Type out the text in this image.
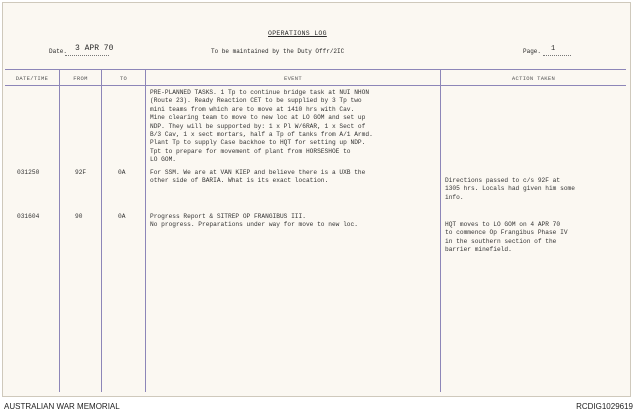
OPERATIONS LOG
To be maintained by the Duty Offr/2IC
Date. 3 APR 70	Page. 1
DATE/TIME	FROM	TO	EVENT	ACTION TAKEN
PRE-PLANNED TASKS. 1 Tp to continue bridge task at NUI NHON
(Route 23). Ready Reaction CET to be supplied by 3 Tp two
mini teams from which are to move at 1410 hrs with Cav.
Mine clearing team to move to new loc at LO GOM and set up
NDP. They will be supported by: 1 x Pl W/6RAR, 1 x Sect of
B/3 Cav, 1 x sect mortars, half a Tp of tanks from A/1 Armd.
Plant Tp to supply Case backhoe to HQT for setting up NDP.
Tpt to prepare for movement of plant from HORSESHOE to
LO GOM.
031250	92F	0A	For SSM. We are at VAN KIEP and believe there is a UXB the
other side of BARIA. What is its exact location.	Directions passed to c/s 92F at
1305 hrs. Locals had given him some
info.
031604	90	0A	Progress Report & SITREP OP FRANGIBUS III.
No progress. Preparations under way for move to new loc.	HQT moves to LO GOM on 4 APR 70
to commence Op Frangibus Phase IV
in the southern section of the
barrier minefield.
AUSTRALIAN WAR MEMORIAL	RCDIG1029619
